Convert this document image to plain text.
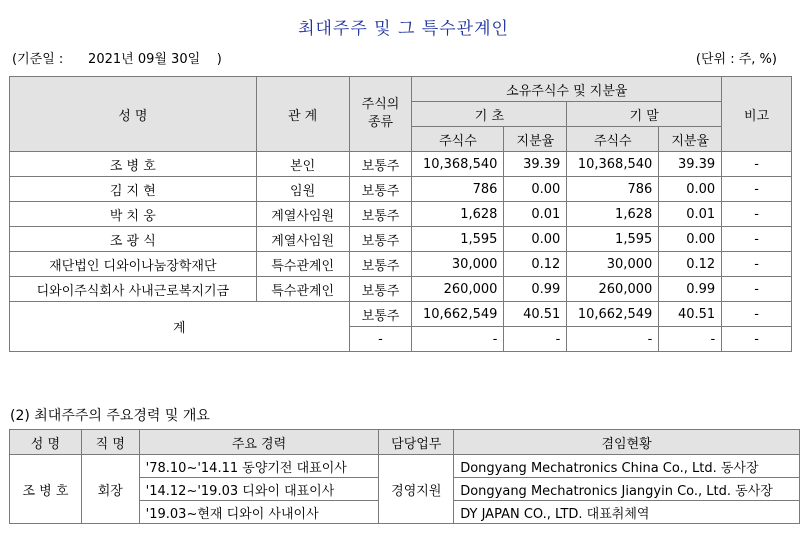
최대주주 및 그 특수관계인
(기준일 :      2021년 09월 30일    )	(단위 : 주, %)
성 명	관 계	주식의 종류	소유주식수 및 지분율				비고
			기 초		기 말		
			주식수	지분율	주식수	지분율	
조 병 호	본인	보통주	10,368,540	39.39	10,368,540	39.39	-
김 지 현	임원	보통주	786	0.00	786	0.00	-
박 치 웅	계열사임원	보통주	1,628	0.01	1,628	0.01	-
조 광 식	계열사임원	보통주	1,595	0.00	1,595	0.00	-
재단법인 디와이나눔장학재단	특수관계인	보통주	30,000	0.12	30,000	0.12	-
디와이주식회사 사내근로복지기금	특수관계인	보통주	260,000	0.99	260,000	0.99	-
계		보통주	10,662,549	40.51	10,662,549	40.51	-
		-	-	-	-	-	-
(2) 최대주주의 주요경력 및 개요
성 명	직 명	주요 경력	담당업무	겸임현황
조 병 호	회장	'78.10~'14.11 동양기전 대표이사	경영지원	Dongyang Mechatronics China Co., Ltd. 동사장
		'14.12~'19.03 디와이 대표이사		Dongyang Mechatronics Jiangyin Co., Ltd. 동사장
		'19.03~현재 디와이 사내이사		DY JAPAN CO., LTD. 대표취체역
